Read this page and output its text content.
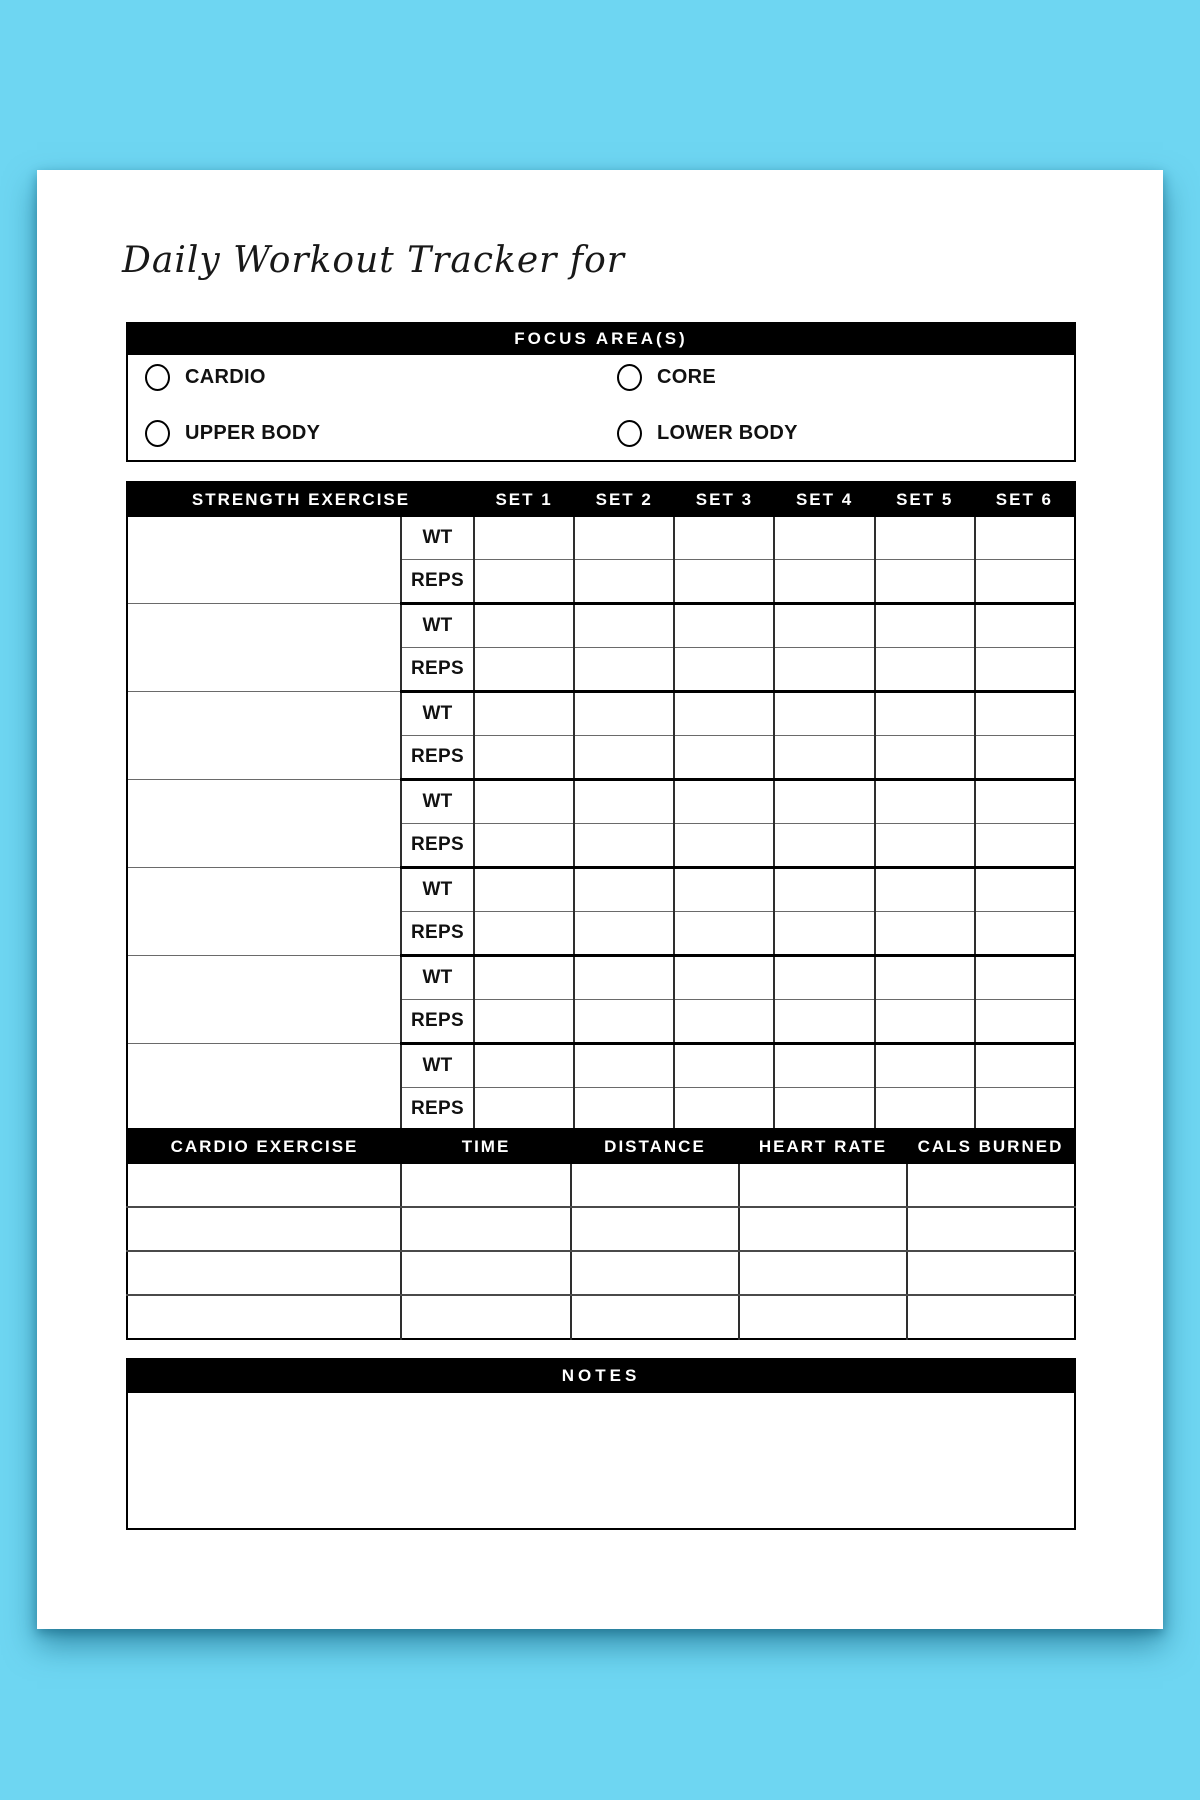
Daily Workout Tracker for
FOCUS AREA(S)
CARDIO	CORE
UPPER BODY	LOWER BODY
STRENGTH EXERCISE		SET 1	SET 2	SET 3	SET 4	SET 5	SET 6
	WT						
	REPS						
	WT						
	REPS						
	WT						
	REPS						
	WT						
	REPS						
	WT						
	REPS						
	WT						
	REPS						
	WT						
	REPS						
CARDIO EXERCISE	TIME	DISTANCE	HEART RATE	CALS BURNED

NOTES
